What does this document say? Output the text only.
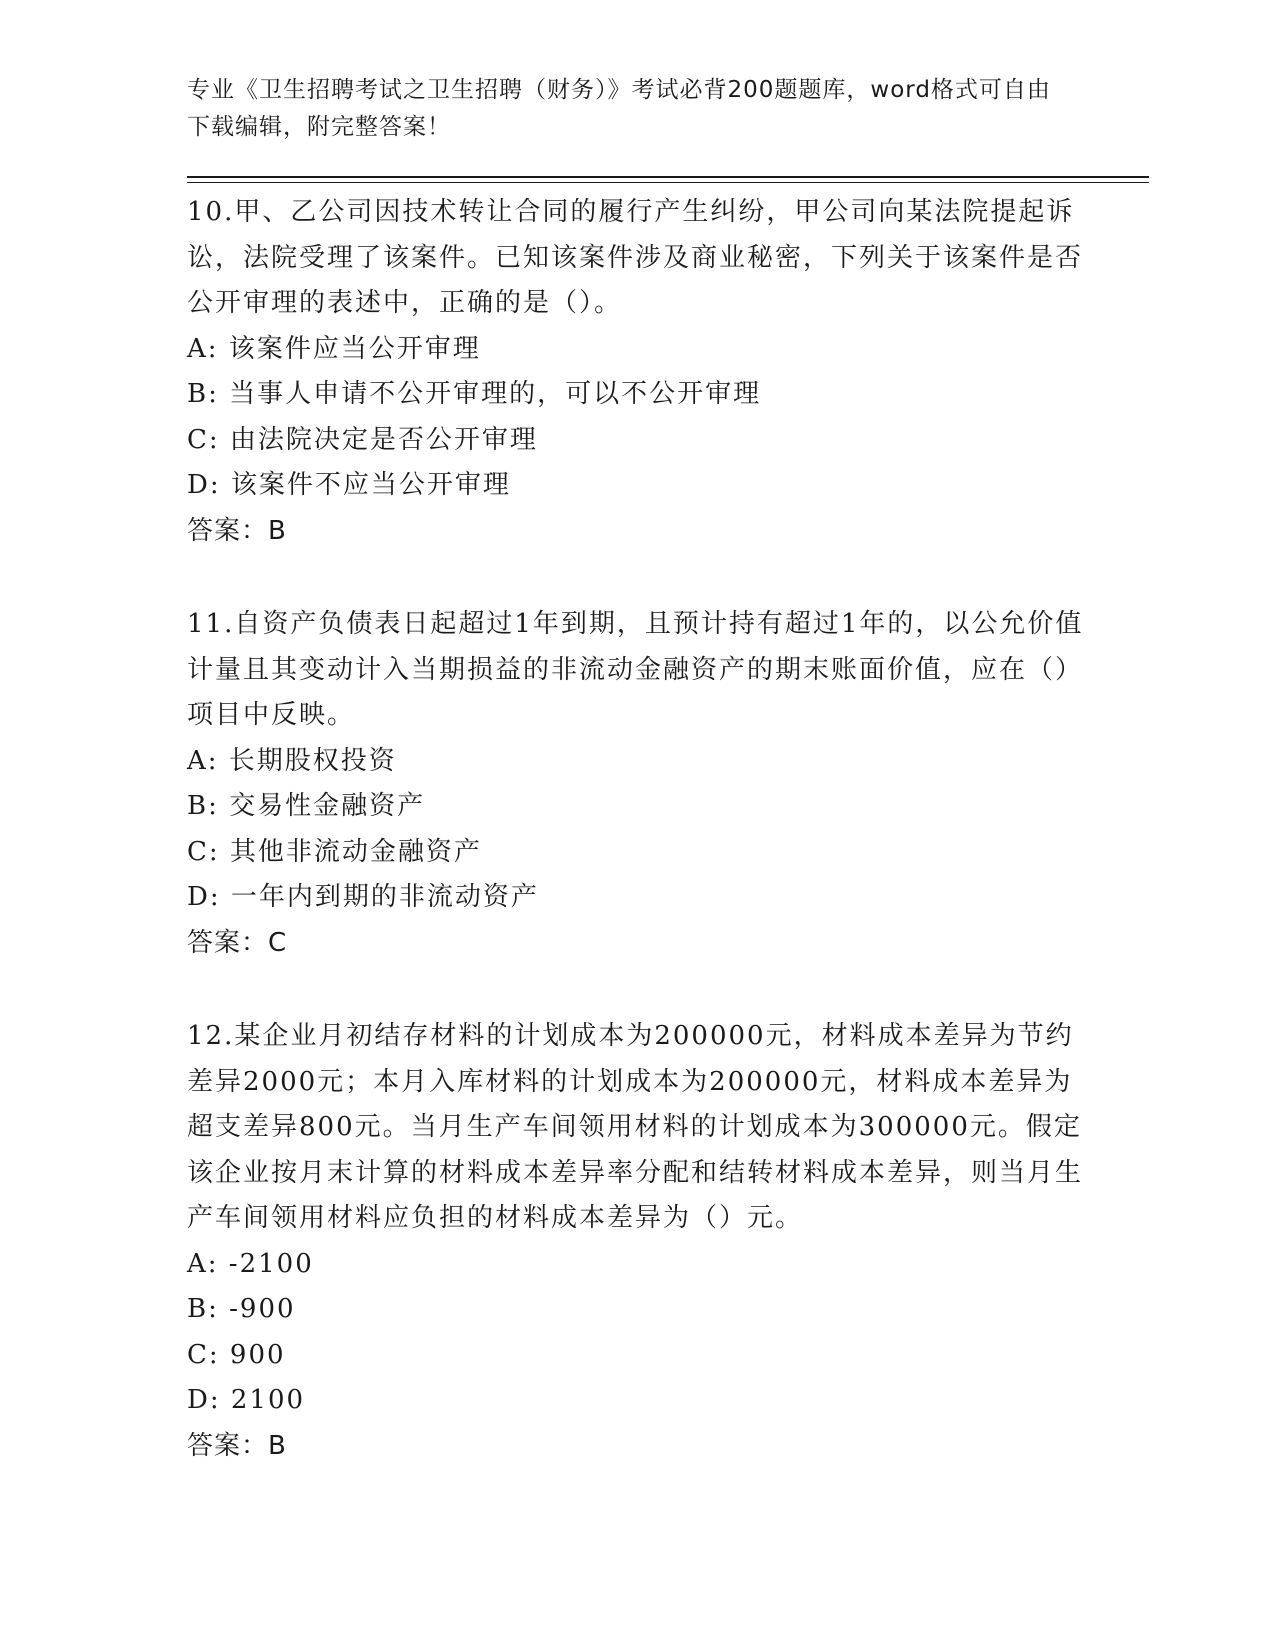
专业《卫生招聘考试之卫生招聘（财务）》考试必背200题题库，word格式可自由下载编辑，附完整答案！

10.甲、乙公司因技术转让合同的履行产生纠纷，甲公司向某法院提起诉讼，法院受理了该案件。已知该案件涉及商业秘密，下列关于该案件是否公开审理的表述中，正确的是（）。

A: 该案件应当公开审理

B: 当事人申请不公开审理的，可以不公开审理

C: 由法院决定是否公开审理

D: 该案件不应当公开审理

答案：B

11.自资产负债表日起超过1年到期，且预计持有超过1年的，以公允价值计量且其变动计入当期损益的非流动金融资产的期末账面价值，应在（）项目中反映。

A: 长期股权投资

B: 交易性金融资产

C: 其他非流动金融资产

D: 一年内到期的非流动资产

答案：C

12.某企业月初结存材料的计划成本为200000元，材料成本差异为节约差异2000元；本月入库材料的计划成本为200000元，材料成本差异为超支差异800元。当月生产车间领用材料的计划成本为300000元。假定该企业按月末计算的材料成本差异率分配和结转材料成本差异，则当月生产车间领用材料应负担的材料成本差异为（）元。

A: -2100

B: -900

C: 900

D: 2100

答案：B
